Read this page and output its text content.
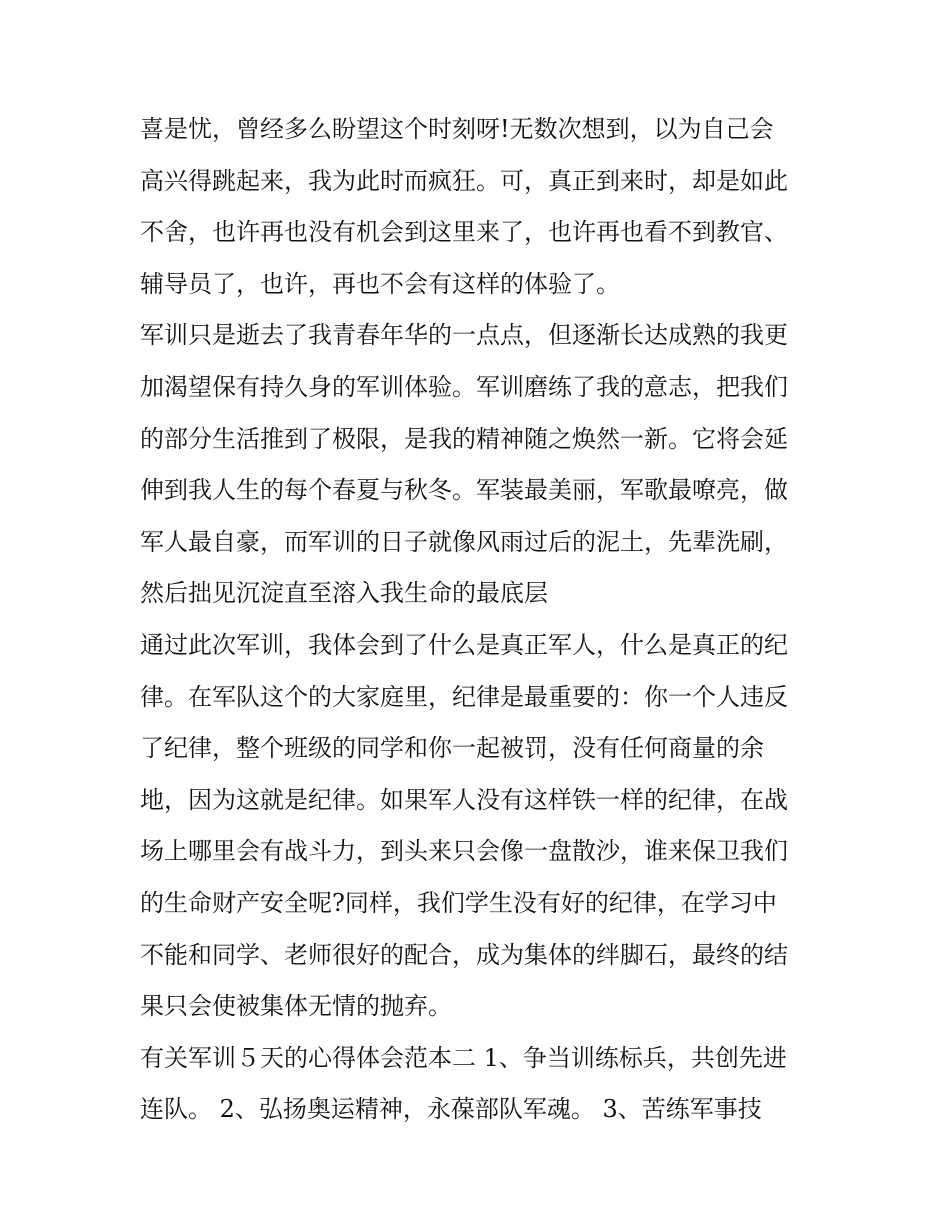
喜是忧，曾经多么盼望这个时刻呀!无数次想到，以为自己会
高兴得跳起来，我为此时而疯狂。可，真正到来时，却是如此
不舍，也许再也没有机会到这里来了，也许再也看不到教官、
辅导员了，也许，再也不会有这样的体验了。

军训只是逝去了我青春年华的一点点，但逐渐长达成熟的我更
加渴望保有持久身的军训体验。军训磨练了我的意志，把我们
的部分生活推到了极限，是我的精神随之焕然一新。它将会延
伸到我人生的每个春夏与秋冬。军装最美丽，军歌最嘹亮，做
军人最自豪，而军训的日子就像风雨过后的泥土，先辈洗刷，
然后拙见沉淀直至溶入我生命的最底层

通过此次军训，我体会到了什么是真正军人，什么是真正的纪
律。在军队这个的大家庭里，纪律是最重要的：你一个人违反
了纪律，整个班级的同学和你一起被罚，没有任何商量的余
地，因为这就是纪律。如果军人没有这样铁一样的纪律，在战
场上哪里会有战斗力，到头来只会像一盘散沙，谁来保卫我们
的生命财产安全呢?同样，我们学生没有好的纪律，在学习中
不能和同学、老师很好的配合，成为集体的绊脚石，最终的结
果只会使被集体无情的抛弃。

有关军训５天的心得体会范本二 1、争当训练标兵，共创先进
连队。 2、弘扬奥运精神，永葆部队军魂。 3、苦练军事技
